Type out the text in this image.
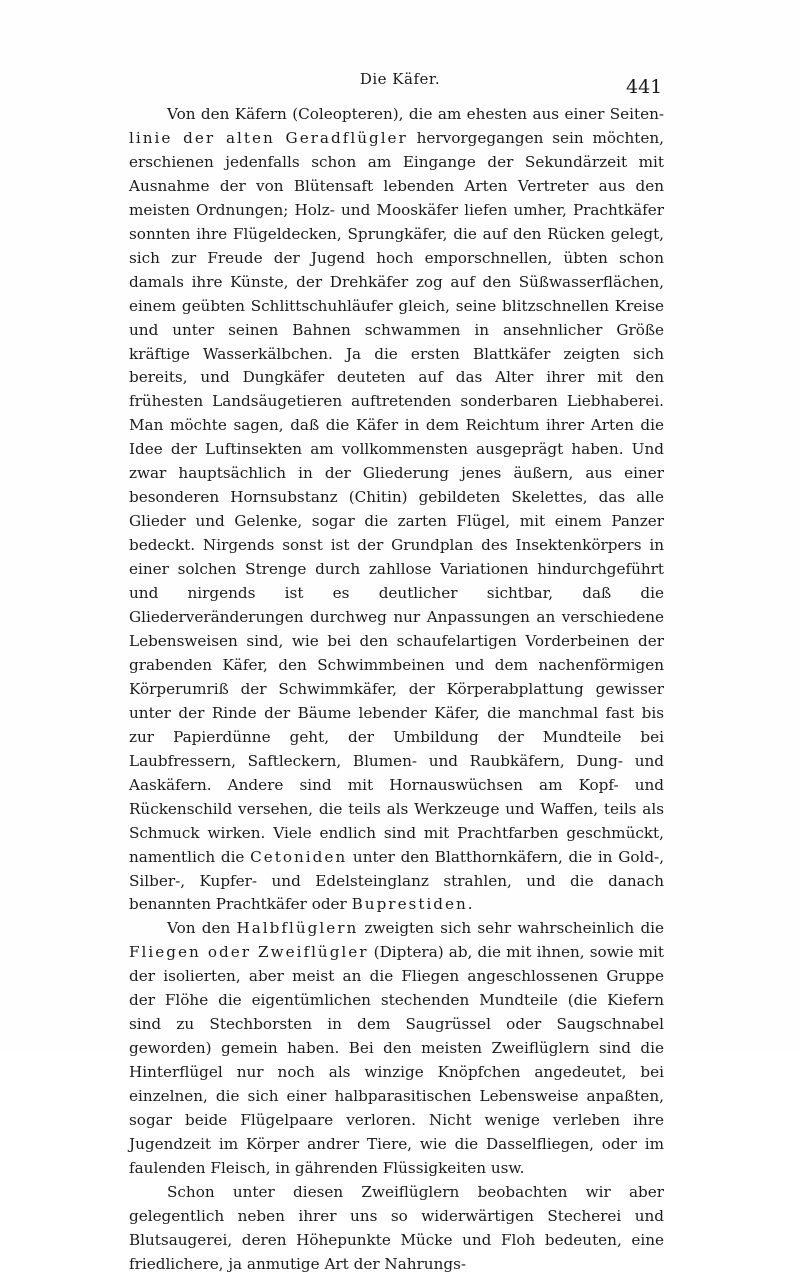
Die Käfer.	441

Von den Käfern (Coleopteren), die am ehesten aus einer Seiten- linie der alten Geradflügler hervorgegangen sein möchten, erschienen jedenfalls schon am Eingange der Sekundärzeit mit Ausnahme der von Blütensaft lebenden Arten Vertreter aus den meisten Ordnungen; Holz- und Mooskäfer liefen umher, Prachtkäfer sonnten ihre Flügeldecken, Sprungkäfer, die auf den Rücken gelegt, sich zur Freude der Jugend hoch emporschnellen, übten schon damals ihre Künste, der Drehkäfer zog auf den Süßwasserflächen, einem geübten Schlittschuhläufer gleich, seine blitzschnellen Kreise und unter seinen Bahnen schwammen in ansehnlicher Größe kräftige Wasserkälbchen. Ja die ersten Blattkäfer zeigten sich bereits, und Dungkäfer deuteten auf das Alter ihrer mit den frühesten Landsäugetieren auftretenden sonderbaren Liebhaberei. Man möchte sagen, daß die Käfer in dem Reichtum ihrer Arten die Idee der Luftinsekten am vollkommensten ausgeprägt haben. Und zwar hauptsächlich in der Gliederung jenes äußern, aus einer besonderen Hornsubstanz (Chitin) gebildeten Skelettes, das alle Glieder und Gelenke, sogar die zarten Flügel, mit einem Panzer bedeckt. Nirgends sonst ist der Grundplan des Insektenkörpers in einer solchen Strenge durch zahllose Variationen hindurchgeführt und nirgends ist es deutlicher sichtbar, daß die Gliederveränderungen durchweg nur Anpassungen an verschiedene Lebensweisen sind, wie bei den schaufelartigen Vorderbeinen der grabenden Käfer, den Schwimmbeinen und dem nachenförmigen Körperumriß der Schwimmkäfer, der Körperabplattung gewisser unter der Rinde der Bäume lebender Käfer, die manchmal fast bis zur Papierdünne geht, der Umbildung der Mundteile bei Laubfressern, Saftleckern, Blumen- und Raubkäfern, Dung- und Aaskäfern. Andere sind mit Hornauswüchsen am Kopf- und Rückenschild versehen, die teils als Werkzeuge und Waffen, teils als Schmuck wirken. Viele endlich sind mit Prachtfarben geschmückt, namentlich die Cetoniden unter den Blatthornkäfern, die in Gold-, Silber-, Kupfer- und Edelsteinglanz strahlen, und die danach benannten Prachtkäfer oder Buprestiden.

Von den Halbflüglern zweigten sich sehr wahrscheinlich die Fliegen oder Zweiflügler (Diptera) ab, die mit ihnen, sowie mit der isolierten, aber meist an die Fliegen angeschlossenen Gruppe der Flöhe die eigentümlichen stechenden Mundteile (die Kiefern sind zu Stechborsten in dem Saugrüssel oder Saugschnabel geworden) gemein haben. Bei den meisten Zweiflüglern sind die Hinterflügel nur noch als winzige Knöpfchen angedeutet, bei einzelnen, die sich einer halbparasitischen Lebensweise anpaßten, sogar beide Flügelpaare verloren. Nicht wenige verleben ihre Jugendzeit im Körper andrer Tiere, wie die Dasselfliegen, oder im faulenden Fleisch, in gährenden Flüssigkeiten usw.

Schon unter diesen Zweiflüglern beobachten wir aber gelegentlich neben ihrer uns so widerwärtigen Stecherei und Blutsaugerei, deren Höhepunkte Mücke und Floh bedeuten, eine friedlichere, ja anmutige Art der Nahrungs-
